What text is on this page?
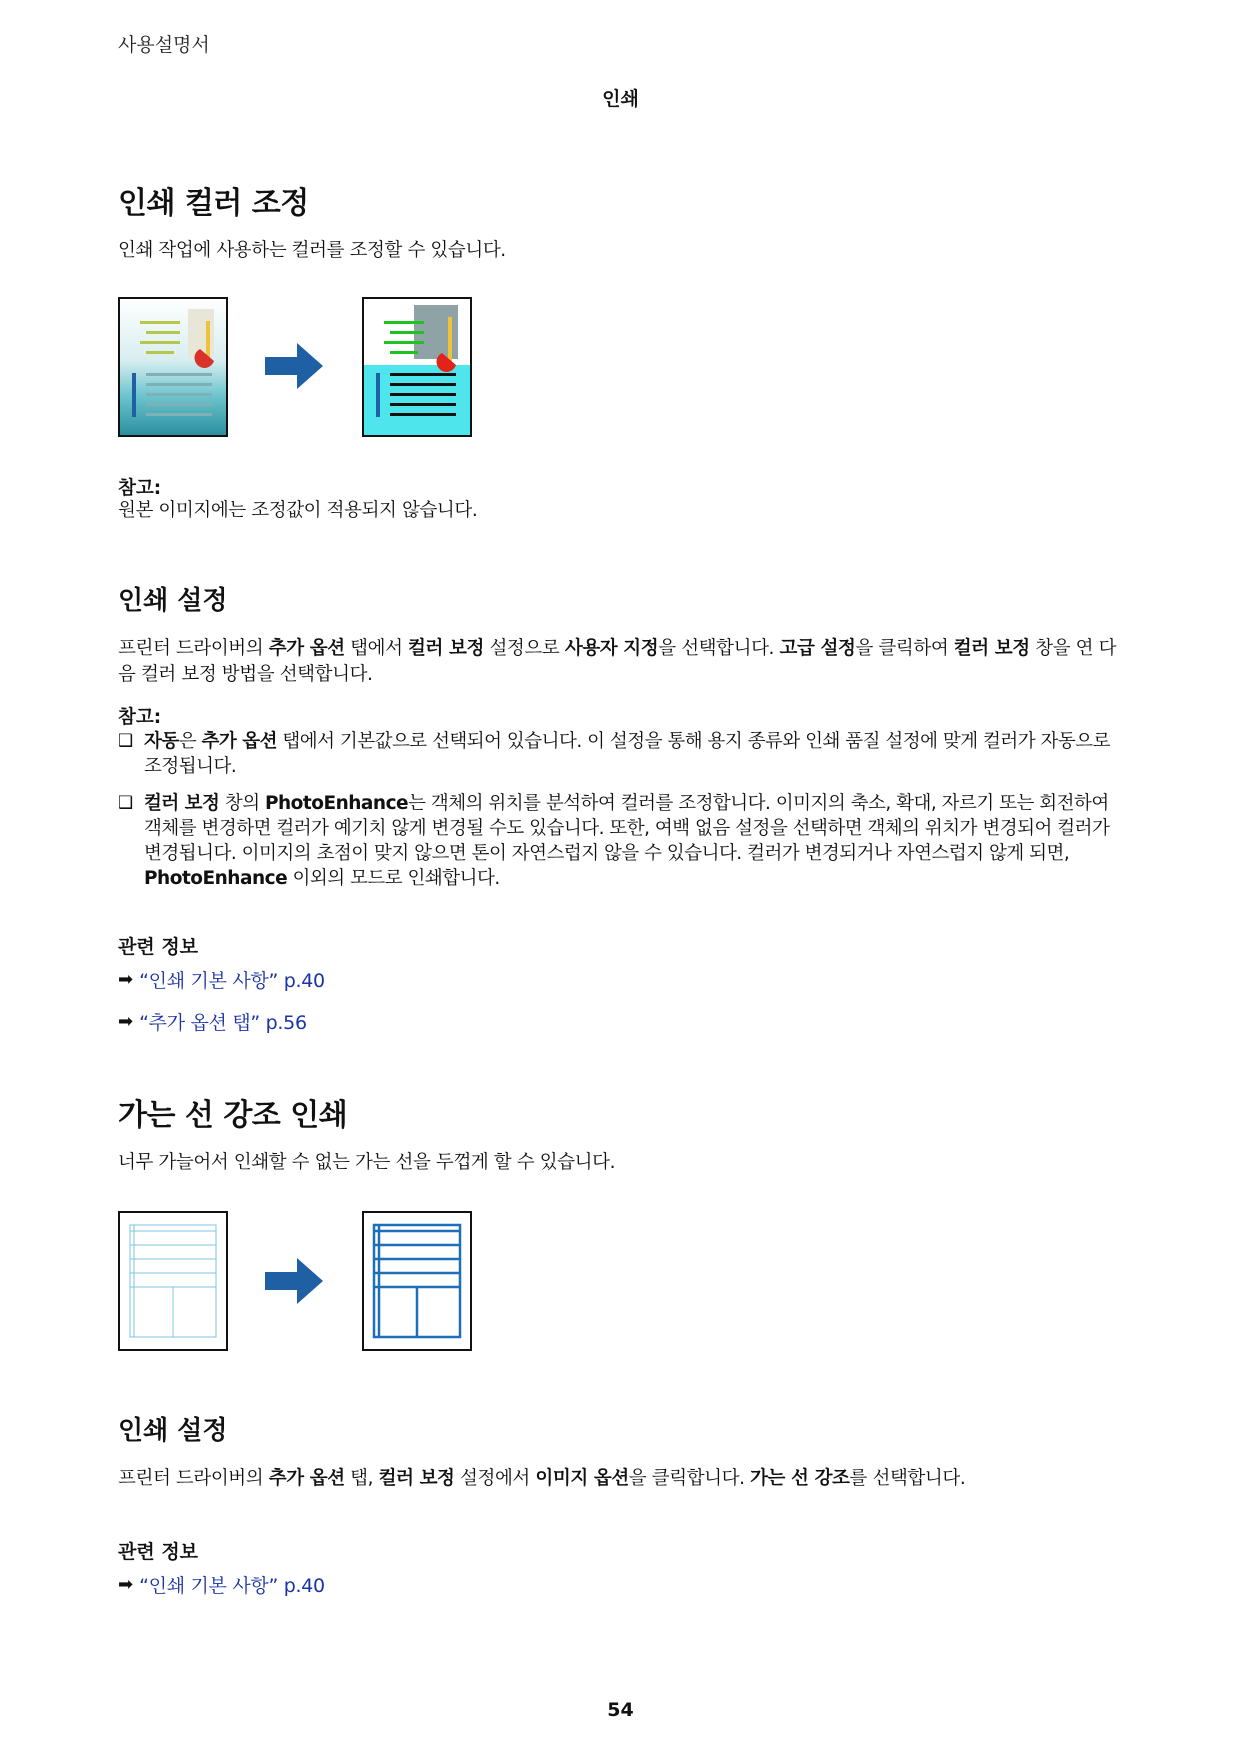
사용설명서
인쇄
인쇄 컬러 조정
인쇄 작업에 사용하는 컬러를 조정할 수 있습니다.
참고:
원본 이미지에는 조정값이 적용되지 않습니다.
인쇄 설정
프린터 드라이버의 추가 옵션 탭에서 컬러 보정 설정으로 사용자 지정을 선택합니다. 고급 설정을 클릭하여 컬러 보정 창을 연 다음 컬러 보정 방법을 선택합니다.
참고:
❑ 자동은 추가 옵션 탭에서 기본값으로 선택되어 있습니다. 이 설정을 통해 용지 종류와 인쇄 품질 설정에 맞게 컬러가 자동으로 조정됩니다.
❑ 컬러 보정 창의 PhotoEnhance는 객체의 위치를 분석하여 컬러를 조정합니다. 이미지의 축소, 확대, 자르기 또는 회전하여 객체를 변경하면 컬러가 예기치 않게 변경될 수도 있습니다. 또한, 여백 없음 설정을 선택하면 객체의 위치가 변경되어 컬러가 변경됩니다. 이미지의 초점이 맞지 않으면 톤이 자연스럽지 않을 수 있습니다. 컬러가 변경되거나 자연스럽지 않게 되면, PhotoEnhance 이외의 모드로 인쇄합니다.
관련 정보
➡ “인쇄 기본 사항” p.40
➡ “추가 옵션 탭” p.56
가는 선 강조 인쇄
너무 가늘어서 인쇄할 수 없는 가는 선을 두껍게 할 수 있습니다.
인쇄 설정
프린터 드라이버의 추가 옵션 탭, 컬러 보정 설정에서 이미지 옵션을 클릭합니다. 가는 선 강조를 선택합니다.
관련 정보
➡ “인쇄 기본 사항” p.40
54
